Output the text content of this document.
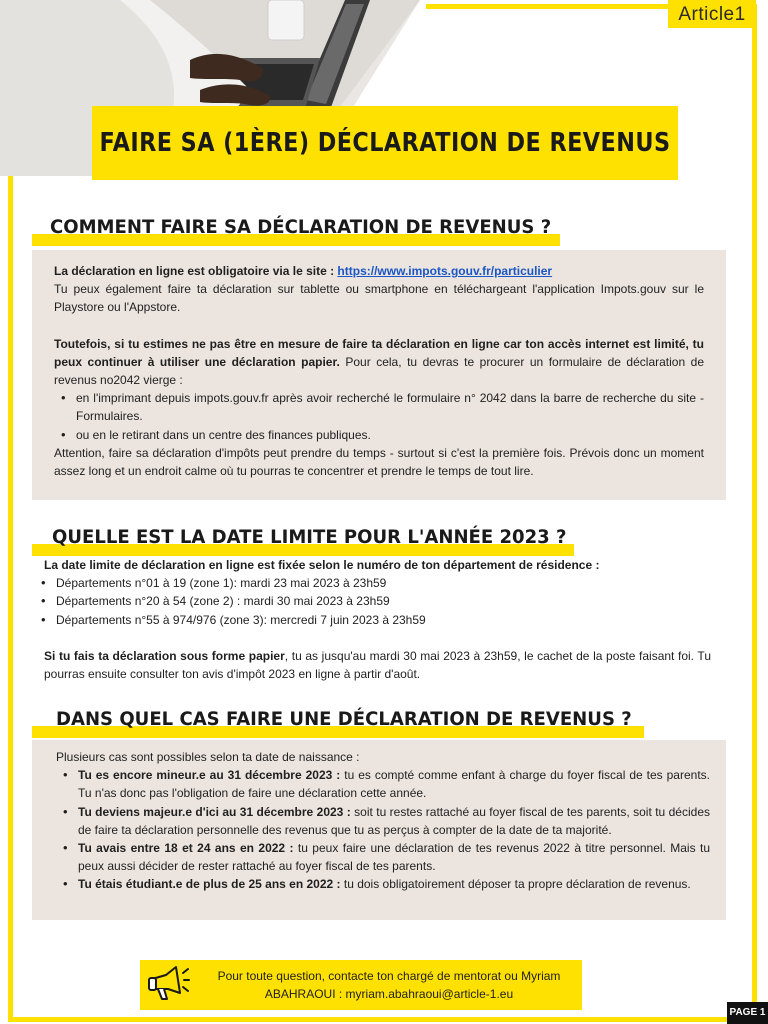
Article1
FAIRE SA (1ÈRE) DÉCLARATION DE REVENUS
COMMENT FAIRE SA DÉCLARATION DE REVENUS ?

La déclaration en ligne est obligatoire via le site : https://www.impots.gouv.fr/particulier
Tu peux également faire ta déclaration sur tablette ou smartphone en téléchargeant l'application Impots.gouv sur le Playstore ou l'Appstore.

Toutefois, si tu estimes ne pas être en mesure de faire ta déclaration en ligne car ton accès internet est limité, tu peux continuer à utiliser une déclaration papier. Pour cela, tu devras te procurer un formulaire de déclaration de revenus no2042 vierge :

• en l'imprimant depuis impots.gouv.fr après avoir recherché le formulaire n° 2042 dans la barre de recherche du site - Formulaires.
• ou en le retirant dans un centre des finances publiques.

Attention, faire sa déclaration d'impôts peut prendre du temps - surtout si c'est la première fois. Prévois donc un moment assez long et un endroit calme où tu pourras te concentrer et prendre le temps de tout lire.

QUELLE EST LA DATE LIMITE POUR L'ANNÉE 2023 ?

La date limite de déclaration en ligne est fixée selon le numéro de ton département de résidence :

• Départements n°01 à 19 (zone 1): mardi 23 mai 2023 à 23h59
• Départements n°20 à 54 (zone 2) : mardi 30 mai 2023 à 23h59
• Départements n°55 à 974/976 (zone 3): mercredi 7 juin 2023 à 23h59

Si tu fais ta déclaration sous forme papier, tu as jusqu'au mardi 30 mai 2023 à 23h59, le cachet de la poste faisant foi. Tu pourras ensuite consulter ton avis d'impôt 2023 en ligne à partir d'août.

DANS QUEL CAS FAIRE UNE DÉCLARATION DE REVENUS ?

Plusieurs cas sont possibles selon ta date de naissance :

• Tu es encore mineur.e au 31 décembre 2023 : tu es compté comme enfant à charge du foyer fiscal de tes parents. Tu n'as donc pas l'obligation de faire une déclaration cette année.
• Tu deviens majeur.e d'ici au 31 décembre 2023 : soit tu restes rattaché au foyer fiscal de tes parents, soit tu décides de faire ta déclaration personnelle des revenus que tu as perçus à compter de la date de ta majorité.
• Tu avais entre 18 et 24 ans en 2022 : tu peux faire une déclaration de tes revenus 2022 à titre personnel. Mais tu peux aussi décider de rester rattaché au foyer fiscal de tes parents.
• Tu étais étudiant.e de plus de 25 ans en 2022 : tu dois obligatoirement déposer ta propre déclaration de revenus.

Pour toute question, contacte ton chargé de mentorat ou Myriam

ABAHRAOUI : myriam.abahraoui@article-1.eu

PAGE 1
